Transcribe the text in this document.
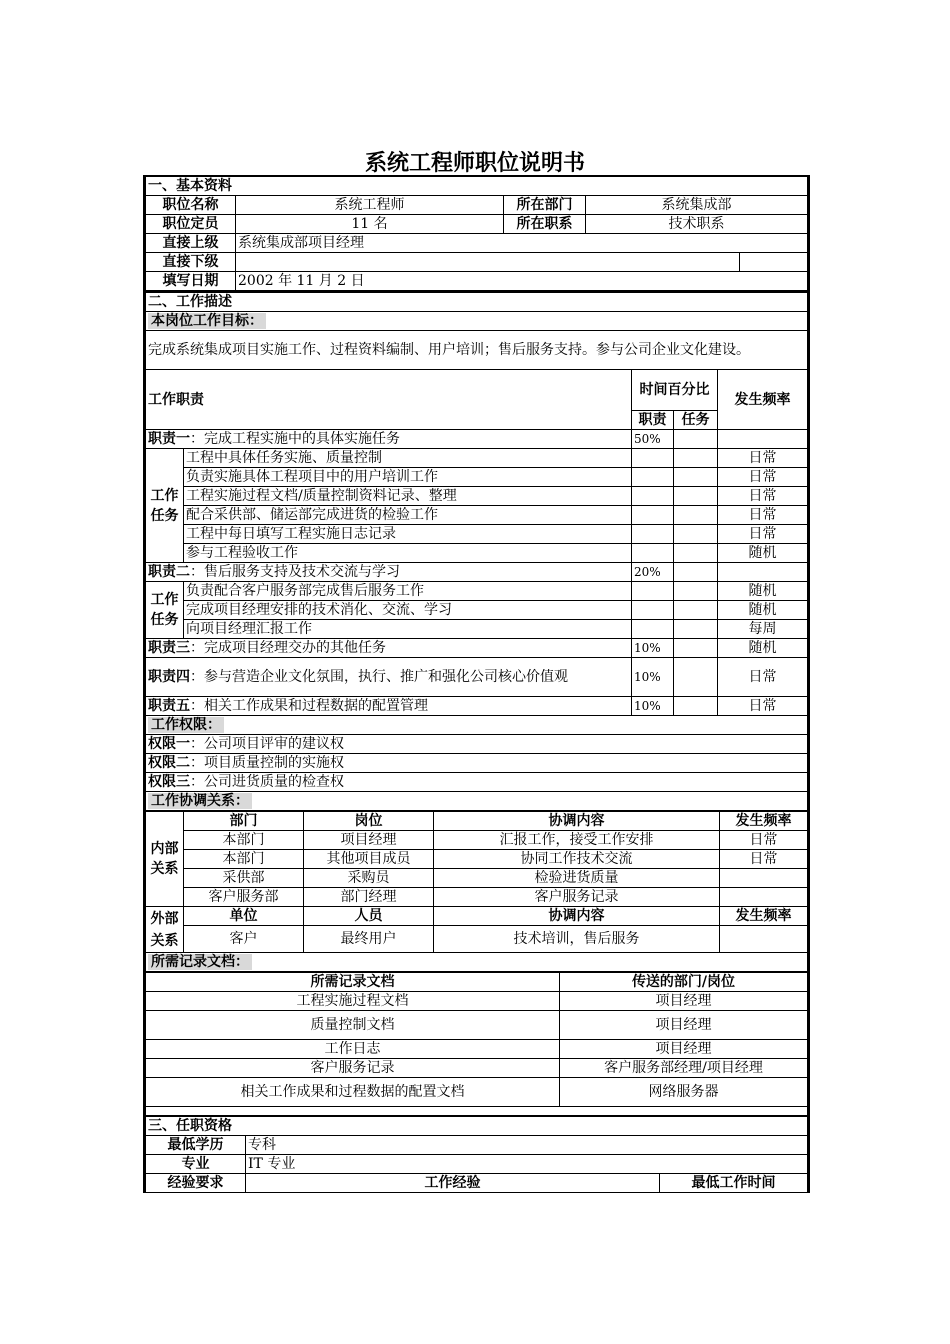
系统工程师职位说明书
一、基本资料				
职位名称	系统工程师	所在部门	系统集成部	
职位定员	11 名	所在职系	技术职系	
直接上级	系统集成部项目经理			
直接下级				
填写日期	2002 年 11 月 2 日			
二、工作描述				
本岗位工作目标：				
完成系统集成项目实施工作、过程资料编制、用户培训；售后服务支持。参与公司企业文化建设。				
工作职责		时间百分比		发生频率
		职责	任务	
职责一：完成工程实施中的具体实施任务		50%		
工作任务	工程中具体任务实施、质量控制			日常
	负责实施具体工程项目中的用户培训工作			日常
	工程实施过程文档/质量控制资料记录、整理			日常
	配合采供部、储运部完成进货的检验工作			日常
	工程中每日填写工程实施日志记录			日常
	参与工程验收工作			随机
职责二：售后服务支持及技术交流与学习		20%		
工作任务	负责配合客户服务部完成售后服务工作			随机
	完成项目经理安排的技术消化、交流、学习			随机
	向项目经理汇报工作			每周
职责三：完成项目经理交办的其他任务		10%		随机
职责四：参与营造企业文化氛围，执行、推广和强化公司核心价值观		10%		日常
职责五：相关工作成果和过程数据的配置管理		10%		日常
工作权限：				
权限一：公司项目评审的建议权				
权限二：项目质量控制的实施权				
权限三：公司进货质量的检查权				
工作协调关系：				
内部关系	部门	岗位	协调内容	发生频率
	本部门	项目经理	汇报工作，接受工作安排	日常
	本部门	其他项目成员	协同工作技术交流	日常
	采供部	采购员	检验进货质量	
	客户服务部	部门经理	客户服务记录	
外部关系	单位	人员	协调内容	发生频率
	客户	最终用户	技术培训，售后服务	
所需记录文档：				
所需记录文档	传送的部门/岗位
工程实施过程文档	项目经理
质量控制文档	项目经理
工作日志	项目经理
客户服务记录	客户服务部经理/项目经理
相关工作成果和过程数据的配置文档	网络服务器

三、任职资格		
最低学历	专科	
专业	IT 专业	
经验要求	工作经验	最低工作时间
